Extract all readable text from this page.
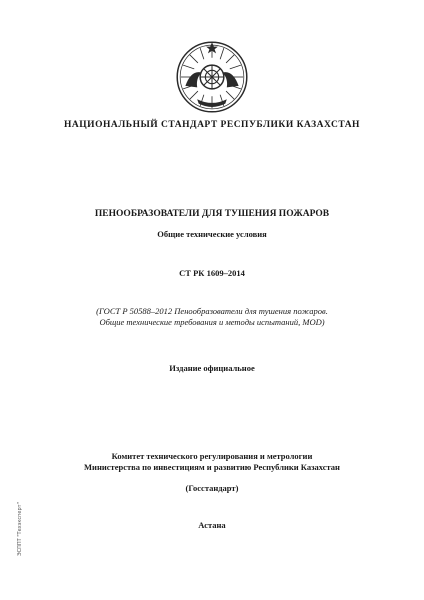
НАЦИОНАЛЬНЫЙ СТАНДАРТ РЕСПУБЛИКИ КАЗАХСТАН
ПЕНООБРАЗОВАТЕЛИ ДЛЯ ТУШЕНИЯ ПОЖАРОВ
Общие технические условия
СТ РК 1609–2014
(ГОСТ Р 50588–2012 Пенообразователи для тушения пожаров.
Общие технические требования и методы испытаний, MOD)
Издание официальное
Комитет технического регулирования и метрологии
Министерства по инвестициям и развитию Республики Казахстан
(Госстандарт)
Астана
ЭСППТ "Техэксперт"
